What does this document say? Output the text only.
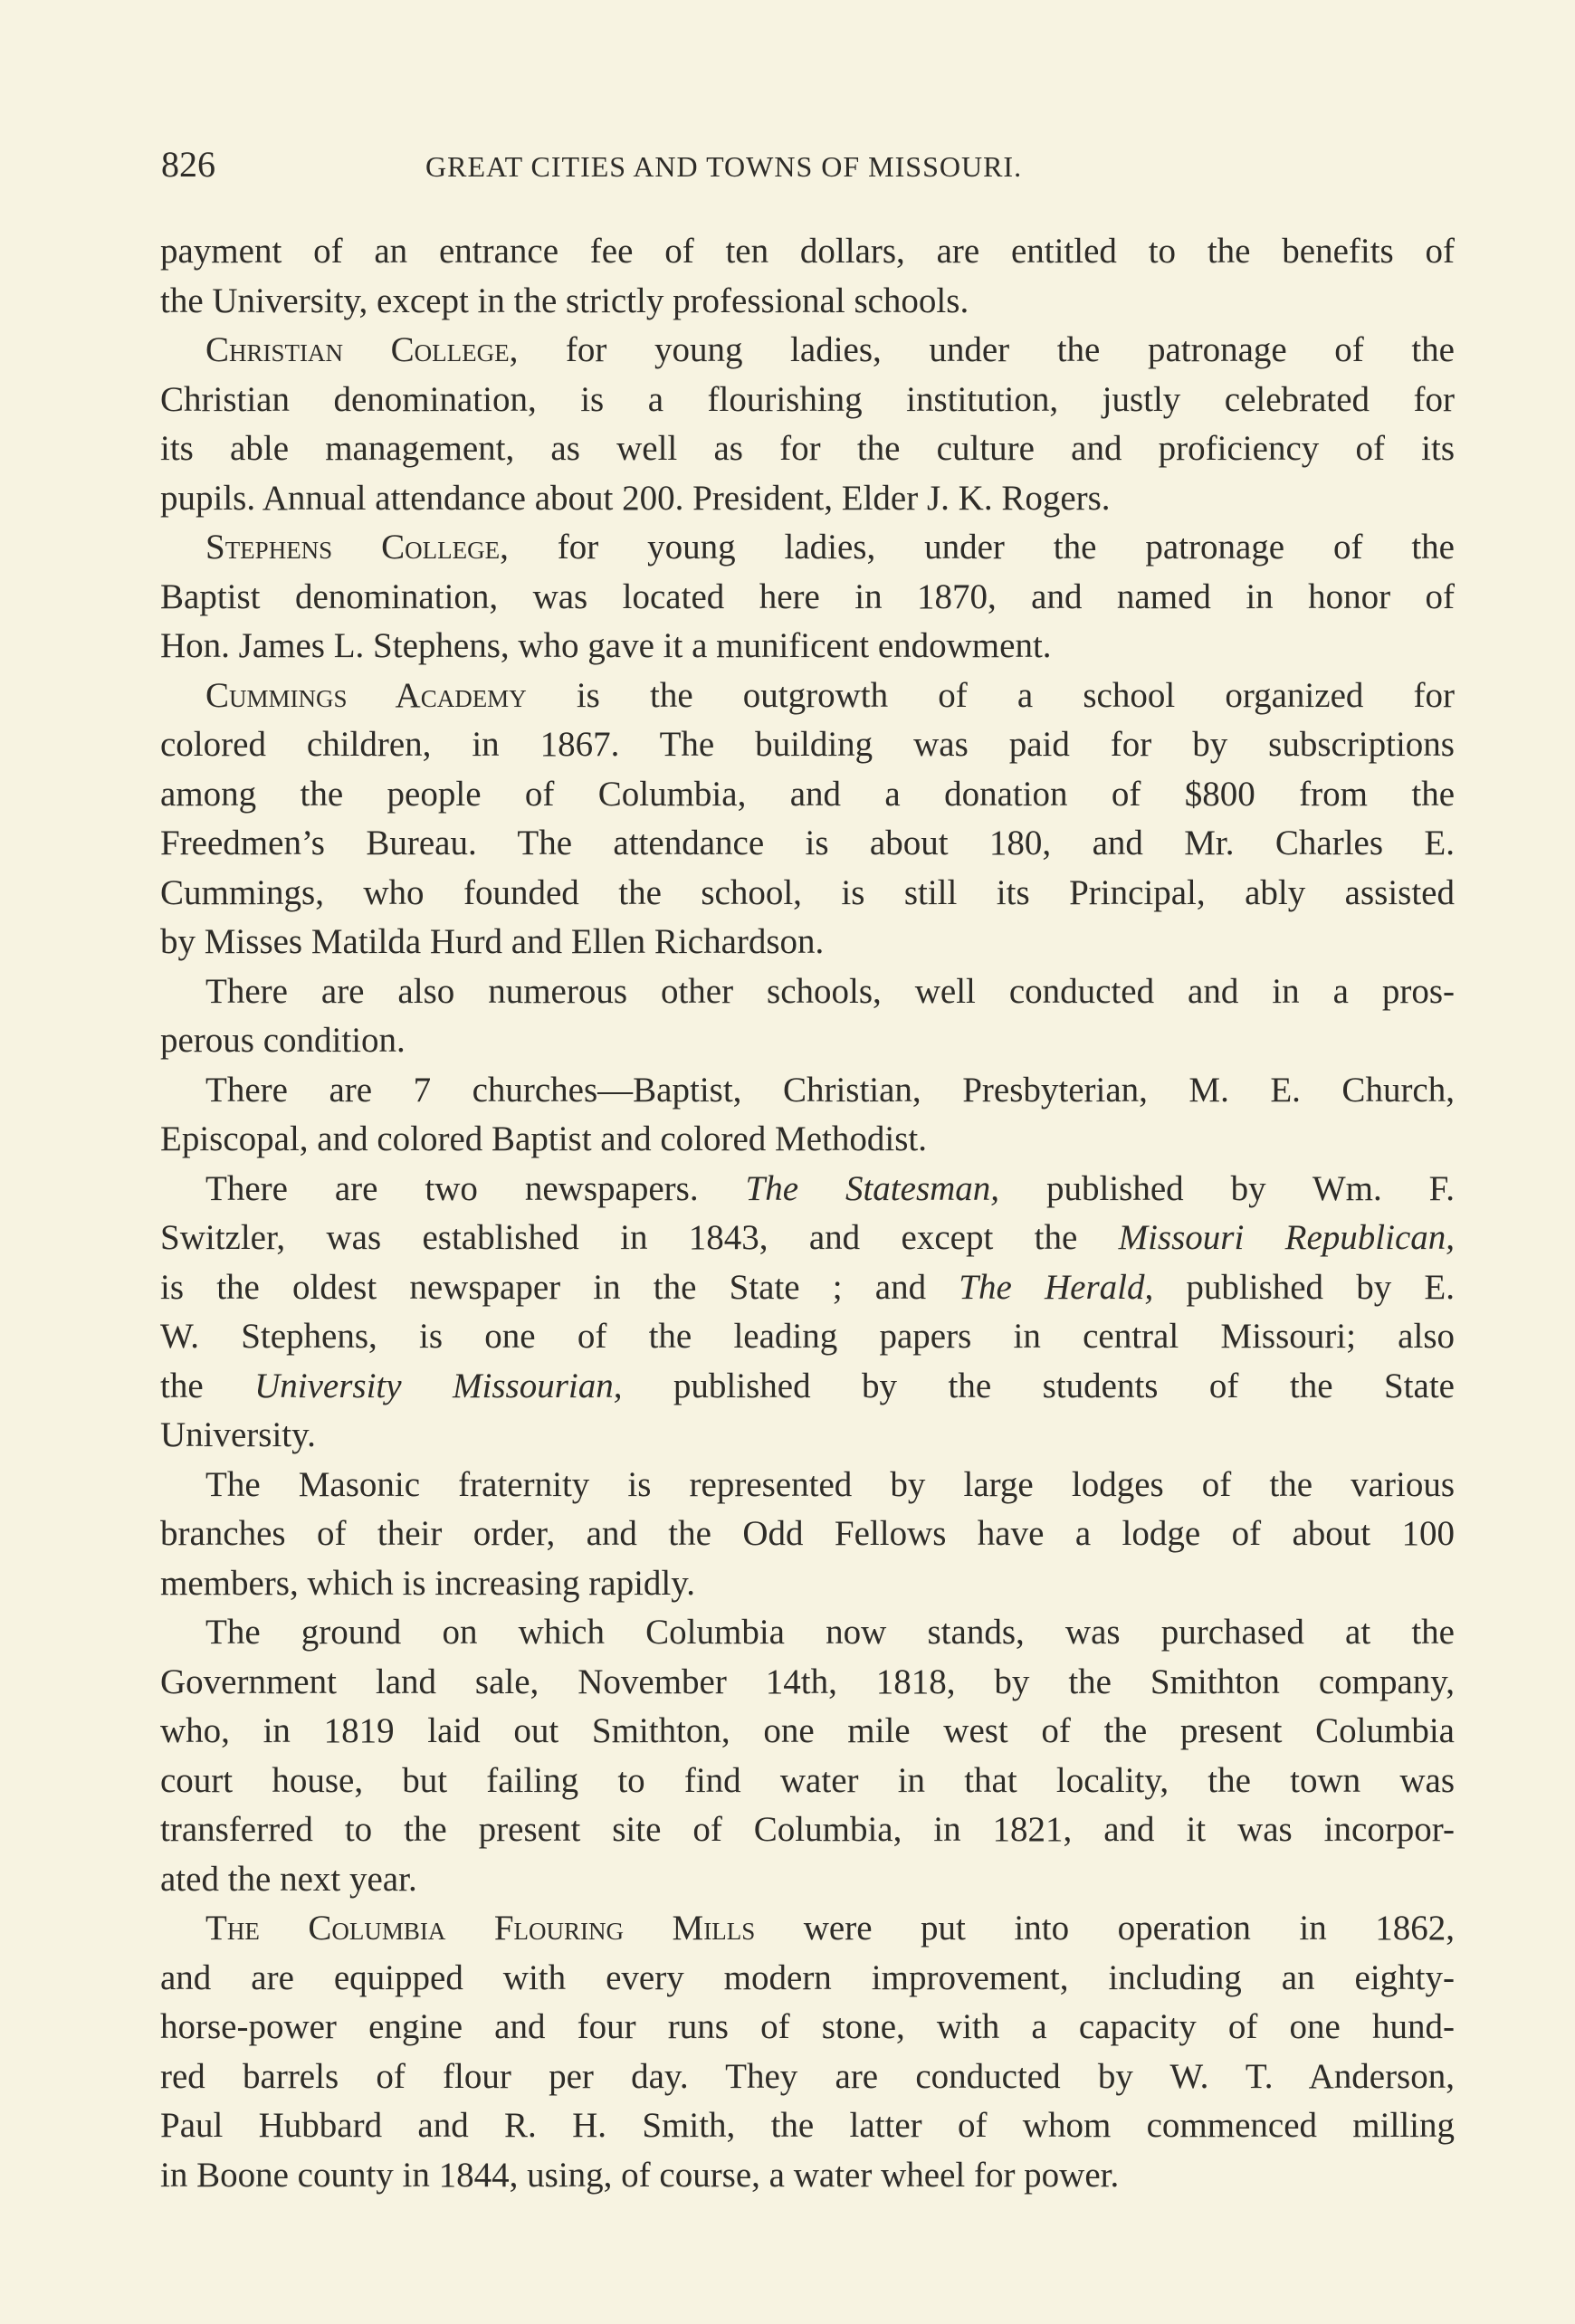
826	GREAT CITIES AND TOWNS OF MISSOURI.
payment of an entrance fee of ten dollars, are entitled to the benefits of
the University, except in the strictly professional schools.
Christian College, for young ladies, under the patronage of the
Christian denomination, is a flourishing institution, justly celebrated for
its able management, as well as for the culture and proficiency of its
pupils. Annual attendance about 200. President, Elder J. K. Rogers.
Stephens College, for young ladies, under the patronage of the
Baptist denomination, was located here in 1870, and named in honor of
Hon. James L. Stephens, who gave it a munificent endowment.
Cummings Academy is the outgrowth of a school organized for
colored children, in 1867. The building was paid for by subscriptions
among the people of Columbia, and a donation of $800 from the
Freedmen’s Bureau. The attendance is about 180, and Mr. Charles E.
Cummings, who founded the school, is still its Principal, ably assisted
by Misses Matilda Hurd and Ellen Richardson.
There are also numerous other schools, well conducted and in a pros-
perous condition.
There are 7 churches—Baptist, Christian, Presbyterian, M. E. Church,
Episcopal, and colored Baptist and colored Methodist.
There are two newspapers. The Statesman, published by Wm. F.
Switzler, was established in 1843, and except the Missouri Republican,
is the oldest newspaper in the State ; and The Herald, published by E.
W. Stephens, is one of the leading papers in central Missouri; also
the University Missourian, published by the students of the State
University.
The Masonic fraternity is represented by large lodges of the various
branches of their order, and the Odd Fellows have a lodge of about 100
members, which is increasing rapidly.
The ground on which Columbia now stands, was purchased at the
Government land sale, November 14th, 1818, by the Smithton company,
who, in 1819 laid out Smithton, one mile west of the present Columbia
court house, but failing to find water in that locality, the town was
transferred to the present site of Columbia, in 1821, and it was incorpor-
ated the next year.
The Columbia Flouring Mills were put into operation in 1862,
and are equipped with every modern improvement, including an eighty-
horse-power engine and four runs of stone, with a capacity of one hund-
red barrels of flour per day. They are conducted by W. T. Anderson,
Paul Hubbard and R. H. Smith, the latter of whom commenced milling
in Boone county in 1844, using, of course, a water wheel for power.
